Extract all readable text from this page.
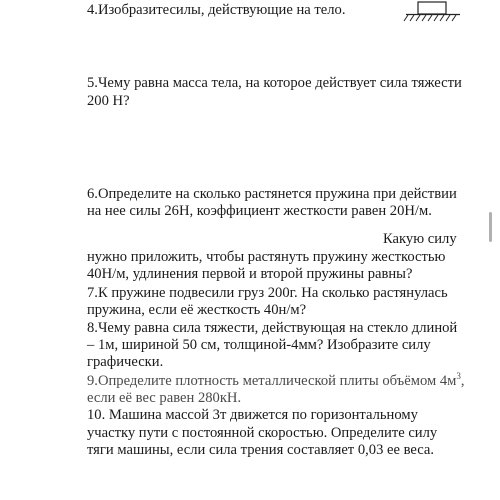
4.Изобразитесилы, действующие на тело.
5.Чему равна масса тела, на которое действует сила тяжести
200 Н?
6.Определите на сколько растянется пружина при действии
на нее силы 26Н, коэффициент жесткости равен 20Н/м.
Какую силу
нужно приложить, чтобы растянуть пружину жесткостью
40Н/м, удлинения первой и второй пружины равны?
7.К пружине подвесили груз 200г. На сколько растянулась
пружина, если её жесткость 40н/м?
8.Чему равна сила тяжести, действующая на стекло длиной
– 1м, шириной 50 см, толщиной-4мм? Изобразите силу
графически.
9.Определите плотность металлической плиты объёмом $4м^3$,
если её вес равен 280кН.
10. Машина массой 3т движется по горизонтальному
участку пути с постоянной скоростью. Определите силу
тяги машины, если сила трения составляет 0,03 ее веса.
